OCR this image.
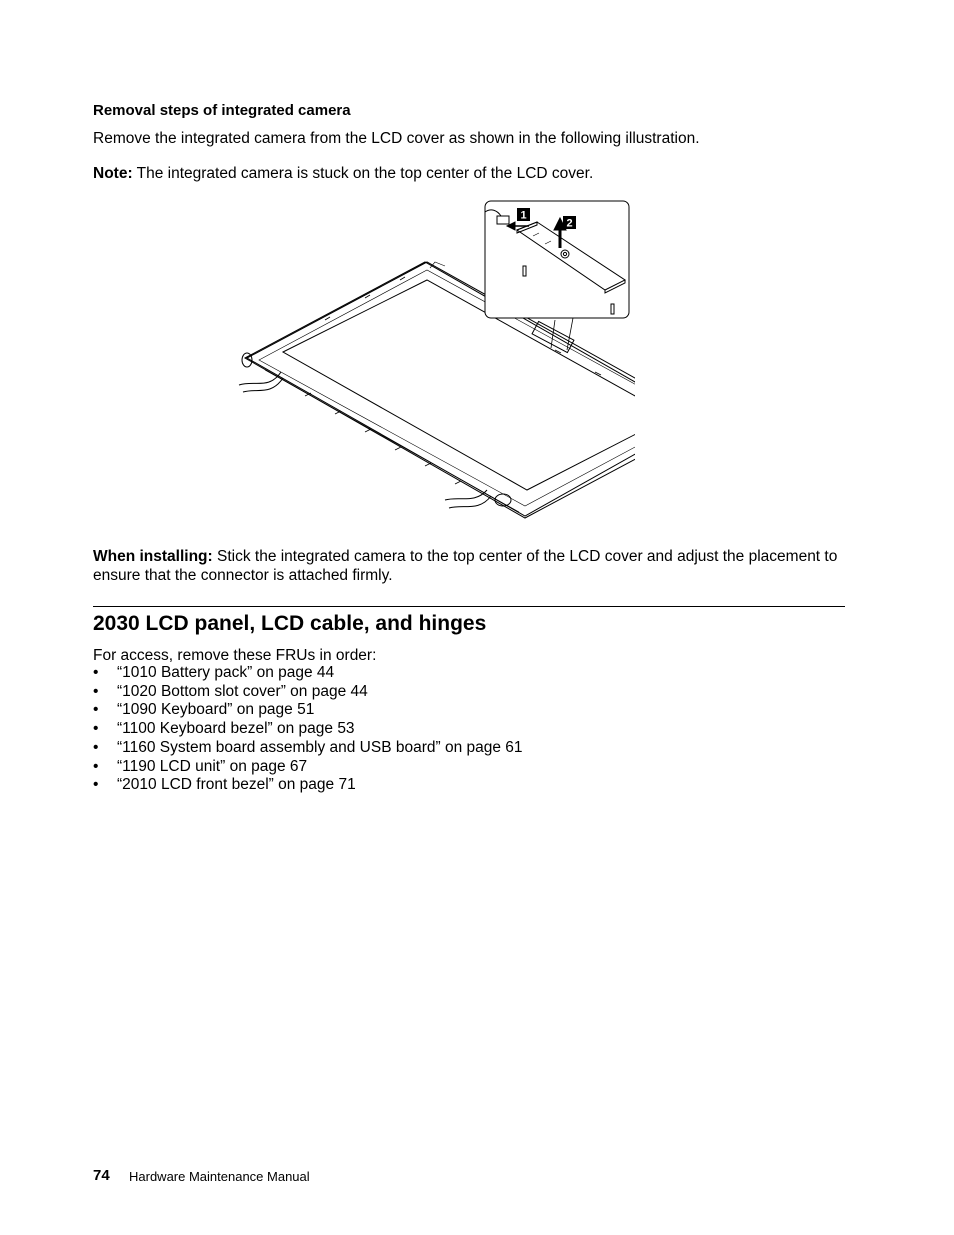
Removal steps of integrated camera
Remove the integrated camera from the LCD cover as shown in the following illustration.
Note: The integrated camera is stuck on the top center of the LCD cover.
1
2
When installing: Stick the integrated camera to the top center of the LCD cover and adjust the placement to ensure that the connector is attached firmly.
2030 LCD panel, LCD cable, and hinges
For access, remove these FRUs in order:
• “1010 Battery pack” on page 44
• “1020 Bottom slot cover” on page 44
• “1090 Keyboard” on page 51
• “1100 Keyboard bezel” on page 53
• “1160 System board assembly and USB board” on page 61
• “1190 LCD unit” on page 67
• “2010 LCD front bezel” on page 71
74 Hardware Maintenance Manual
